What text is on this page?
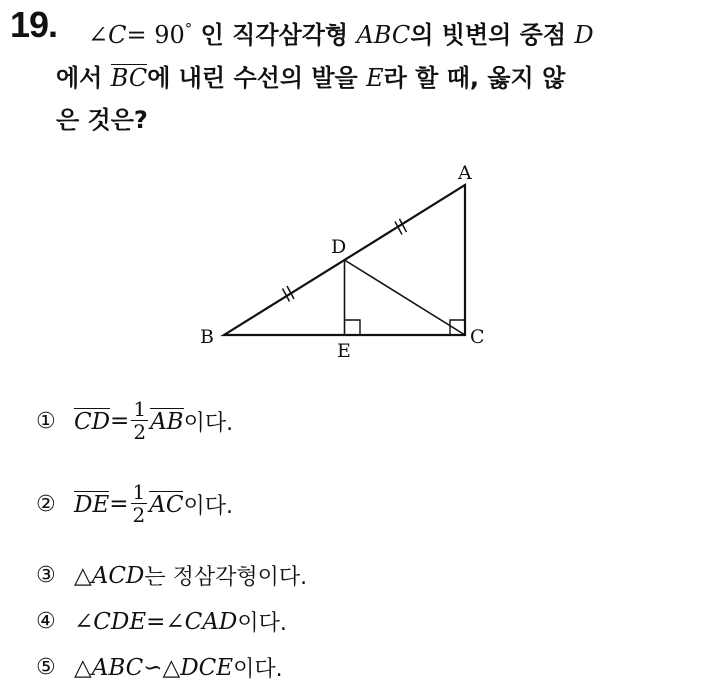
19. ∠C= 90° 인 직각삼각형 ABC의 빗변의 중점 D
에서 BC에 내린 수선의 발을 E라 할 때, 옳지 않
은 것은?
A
B	C
D
E
① CD = $\frac{1}{2}$ AB 이다.
② DE = $\frac{1}{2}$ AC 이다.
③ △ ACD 는 정삼각형이다.
④ ∠ CDE = ∠ CAD 이다.
⑤ △ ABC ∽ △ DCE 이다.
